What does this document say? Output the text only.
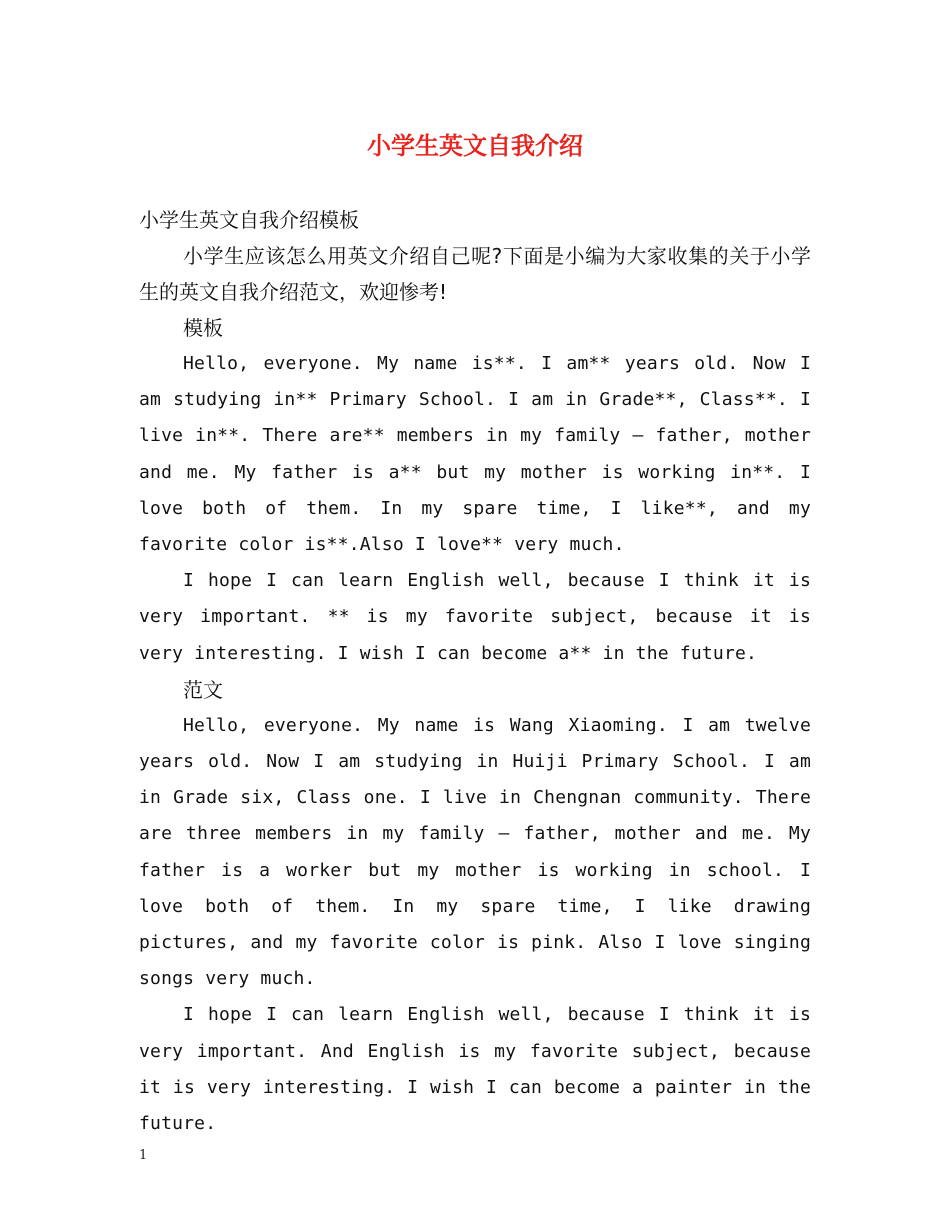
小学生英文自我介绍

小学生英文自我介绍模板

小学生应该怎么用英文介绍自己呢?下面是小编为大家收集的关于小学生的英文自我介绍范文，欢迎惨考!

模板

Hello, everyone. My name is**. I am** years old. Now I am studying in** Primary School. I am in Grade**, Class**. I live in**. There are** members in my family — father, mother and me. My father is a** but my mother is working in**. I love both of them. In my spare time, I like**, and my favorite color is**.Also I love** very much.

I hope I can learn English well, because I think it is very important. ** is my favorite subject, because it is very interesting. I wish I can become a** in the future.

范文

Hello, everyone. My name is Wang Xiaoming. I am twelve years old. Now I am studying in Huiji Primary School. I am in Grade six, Class one. I live in Chengnan community. There are three members in my family — father, mother and me. My father is a worker but my mother is working in school. I love both of them. In my spare time, I like drawing pictures, and my favorite color is pink. Also I love singing songs very much.

I hope I can learn English well, because I think it is very important. And English is my favorite subject, because it is very interesting. I wish I can become a painter in the future.

1
